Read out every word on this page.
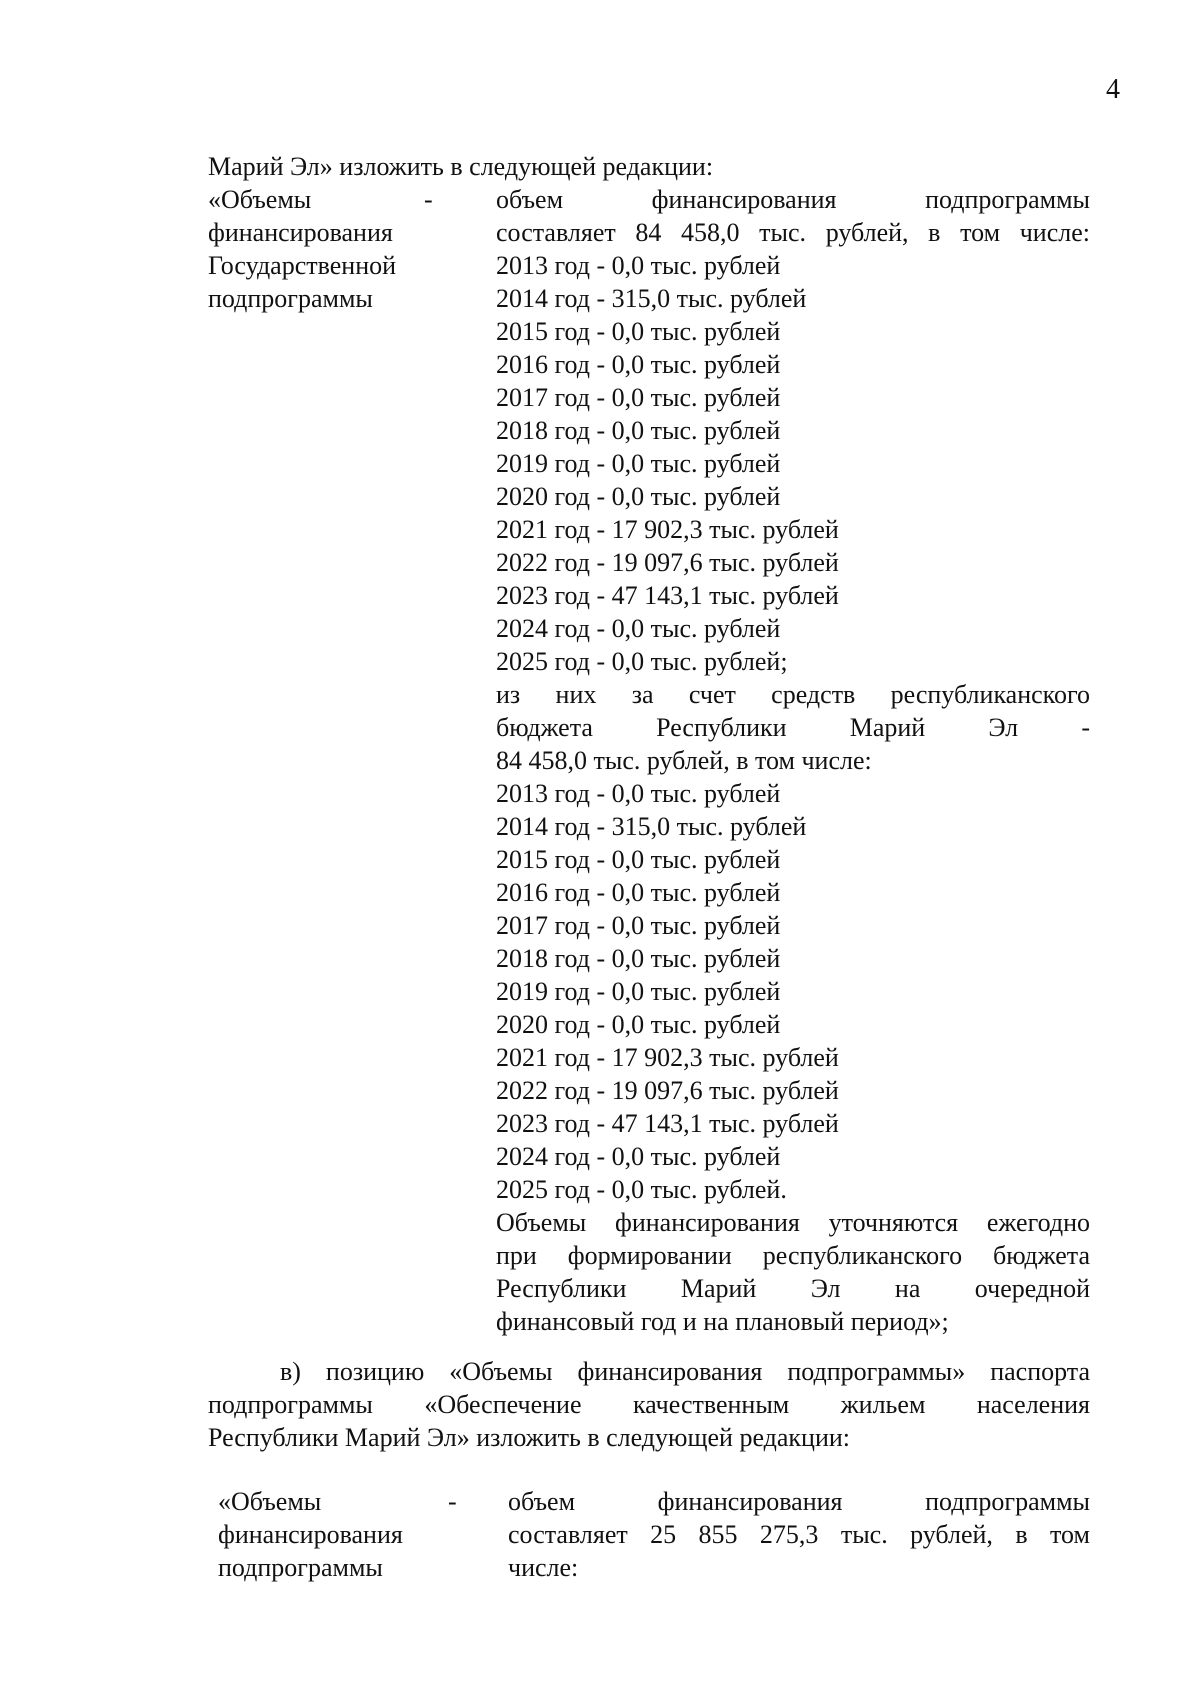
4
Марий Эл» изложить в следующей редакции:
«Объемы
финансирования
Государственной
подпрограммы
- объем финансирования подпрограммы
составляет 84 458,0 тыс. рублей, в том числе:
2013 год - 0,0 тыс. рублей
2014 год - 315,0 тыс. рублей
2015 год - 0,0 тыс. рублей
2016 год - 0,0 тыс. рублей
2017 год - 0,0 тыс. рублей
2018 год - 0,0 тыс. рублей
2019 год - 0,0 тыс. рублей
2020 год - 0,0 тыс. рублей
2021 год - 17 902,3 тыс. рублей
2022 год - 19 097,6 тыс. рублей
2023 год - 47 143,1 тыс. рублей
2024 год - 0,0 тыс. рублей
2025 год - 0,0 тыс. рублей;
из них за счет средств республиканского
бюджета Республики Марий Эл -
84 458,0 тыс. рублей, в том числе:
2013 год - 0,0 тыс. рублей
2014 год - 315,0 тыс. рублей
2015 год - 0,0 тыс. рублей
2016 год - 0,0 тыс. рублей
2017 год - 0,0 тыс. рублей
2018 год - 0,0 тыс. рублей
2019 год - 0,0 тыс. рублей
2020 год - 0,0 тыс. рублей
2021 год - 17 902,3 тыс. рублей
2022 год - 19 097,6 тыс. рублей
2023 год - 47 143,1 тыс. рублей
2024 год - 0,0 тыс. рублей
2025 год - 0,0 тыс. рублей.
Объемы финансирования уточняются ежегодно
при формировании республиканского бюджета
Республики Марий Эл на очередной
финансовый год и на плановый период»;
в) позицию «Объемы финансирования подпрограммы» паспорта
подпрограммы «Обеспечение качественным жильем населения
Республики Марий Эл» изложить в следующей редакции:
«Объемы
финансирования
подпрограммы
- объем финансирования подпрограммы
составляет 25 855 275,3 тыс. рублей, в том
числе:
